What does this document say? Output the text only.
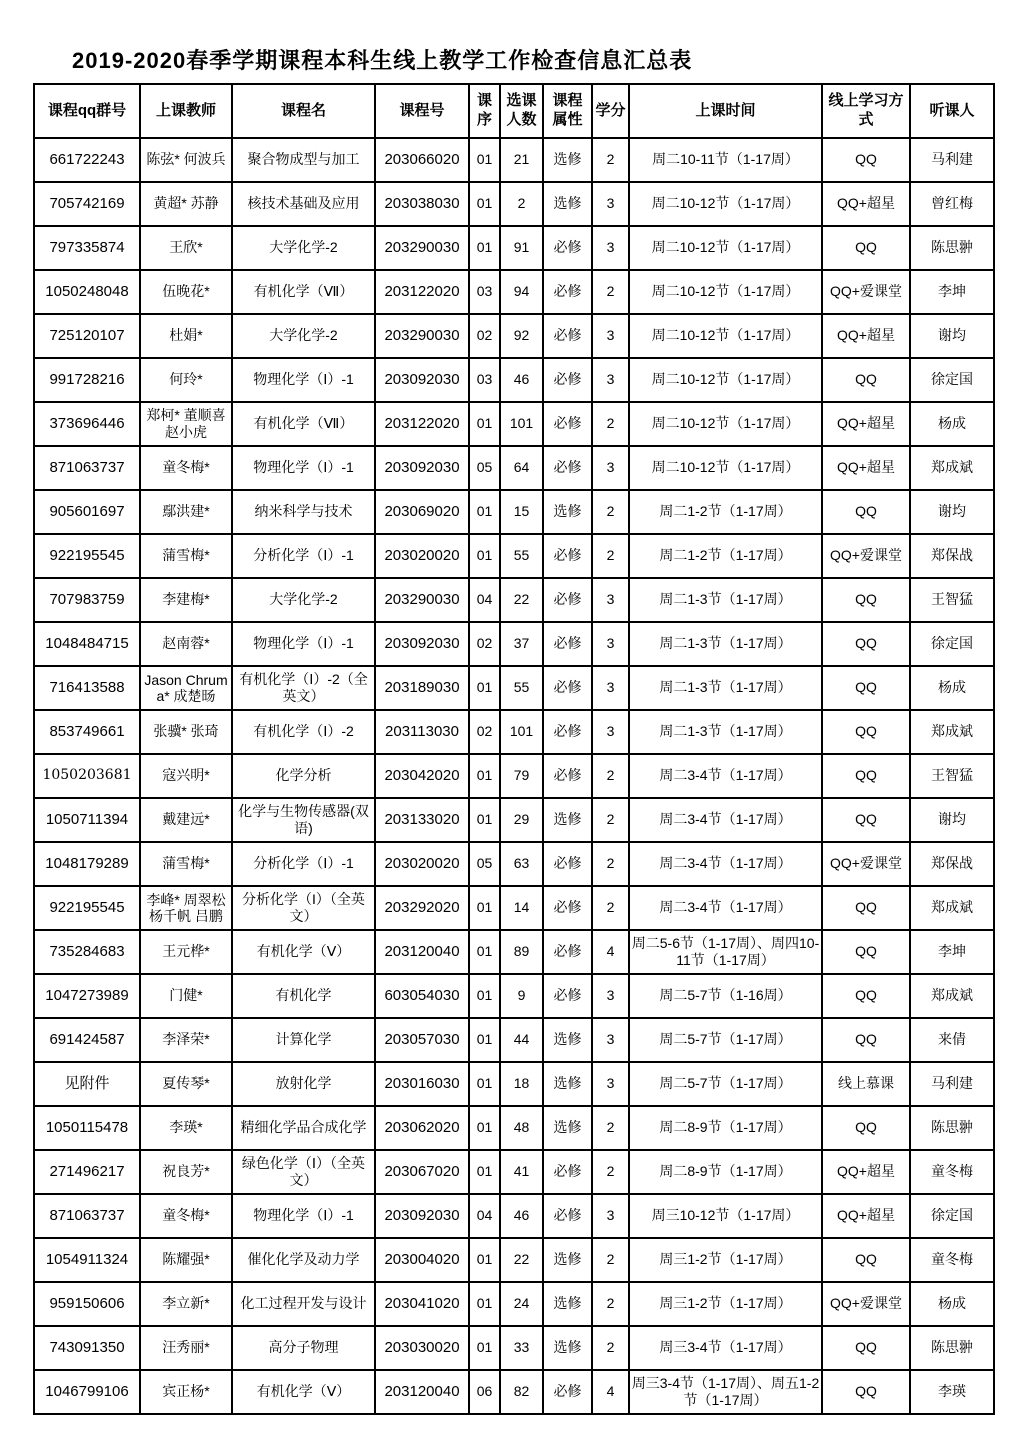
2019-2020春季学期课程本科生线上教学工作检查信息汇总表
课程qq群号	上课教师	课程名	课程号	课序	选课人数	课程属性	学分	上课时间	线上学习方式	听课人

661722243	陈弦* 何波兵	聚合物成型与加工	203066020	01	21	选修	2	周二10-11节（1-17周）	QQ	马利建

705742169	黄超* 苏静	核技术基础及应用	203038030	01	2	选修	3	周二10-12节（1-17周）	QQ+超星	曾红梅

797335874	王欣*	大学化学-2	203290030	01	91	必修	3	周二10-12节（1-17周）	QQ	陈思翀

1050248048	伍晚花*	有机化学（Ⅶ）	203122020	03	94	必修	2	周二10-12节（1-17周）	QQ+爱课堂	李坤

725120107	杜娟*	大学化学-2	203290030	02	92	必修	3	周二10-12节（1-17周）	QQ+超星	谢均

991728216	何玲*	物理化学（Ⅰ）-1	203092030	03	46	必修	3	周二10-12节（1-17周）	QQ	徐定国

373696446	郑柯* 董顺喜 赵小虎	有机化学（Ⅶ）	203122020	01	101	必修	2	周二10-12节（1-17周）	QQ+超星	杨成

871063737	童冬梅*	物理化学（Ⅰ）-1	203092030	05	64	必修	3	周二10-12节（1-17周）	QQ+超星	郑成斌

905601697	鄢洪建*	纳米科学与技术	203069020	01	15	选修	2	周二1-2节（1-17周）	QQ	谢均

922195545	蒲雪梅*	分析化学（Ⅰ）-1	203020020	01	55	必修	2	周二1-2节（1-17周）	QQ+爱课堂	郑保战

707983759	李建梅*	大学化学-2	203290030	04	22	必修	3	周二1-3节（1-17周）	QQ	王智猛

1048484715	赵南蓉*	物理化学（Ⅰ）-1	203092030	02	37	必修	3	周二1-3节（1-17周）	QQ	徐定国

716413588	Jason Chruma* 成楚旸	有机化学（Ⅰ）-2（全英文）	203189030	01	55	必修	3	周二1-3节（1-17周）	QQ	杨成

853749661	张骥* 张琦	有机化学（Ⅰ）-2	203113030	02	101	必修	3	周二1-3节（1-17周）	QQ	郑成斌

1050203681	寇兴明*	化学分析	203042020	01	79	必修	2	周二3-4节（1-17周）	QQ	王智猛

1050711394	戴建远*	化学与生物传感器(双语)	203133020	01	29	选修	2	周二3-4节（1-17周）	QQ	谢均

1048179289	蒲雪梅*	分析化学（Ⅰ）-1	203020020	05	63	必修	2	周二3-4节（1-17周）	QQ+爱课堂	郑保战

922195545	李峰* 周翠松 杨千帆 吕鹏	分析化学（I）（全英文）	203292020	01	14	必修	2	周二3-4节（1-17周）	QQ	郑成斌

735284683	王元桦*	有机化学（Ⅴ）	203120040	01	89	必修	4	周二5-6节（1-17周）、周四10-11节（1-17周）	QQ	李坤

1047273989	门健*	有机化学	603054030	01	9	必修	3	周二5-7节（1-16周）	QQ	郑成斌

691424587	李泽荣*	计算化学	203057030	01	44	选修	3	周二5-7节（1-17周）	QQ	来倩

见附件	夏传琴*	放射化学	203016030	01	18	选修	3	周二5-7节（1-17周）	线上慕课	马利建

1050115478	李瑛*	精细化学品合成化学	203062020	01	48	选修	2	周二8-9节（1-17周）	QQ	陈思翀

271496217	祝良芳*	绿色化学（Ⅰ）（全英文）	203067020	01	41	必修	2	周二8-9节（1-17周）	QQ+超星	童冬梅

871063737	童冬梅*	物理化学（Ⅰ）-1	203092030	04	46	必修	3	周三10-12节（1-17周）	QQ+超星	徐定国

1054911324	陈耀强*	催化化学及动力学	203004020	01	22	选修	2	周三1-2节（1-17周）	QQ	童冬梅

959150606	李立新*	化工过程开发与设计	203041020	01	24	选修	2	周三1-2节（1-17周）	QQ+爱课堂	杨成

743091350	汪秀丽*	高分子物理	203030020	01	33	选修	2	周三3-4节（1-17周）	QQ	陈思翀

1046799106	宾正杨*	有机化学（Ⅴ）	203120040	06	82	必修	4	周三3-4节（1-17周）、周五1-2节（1-17周）	QQ	李瑛
